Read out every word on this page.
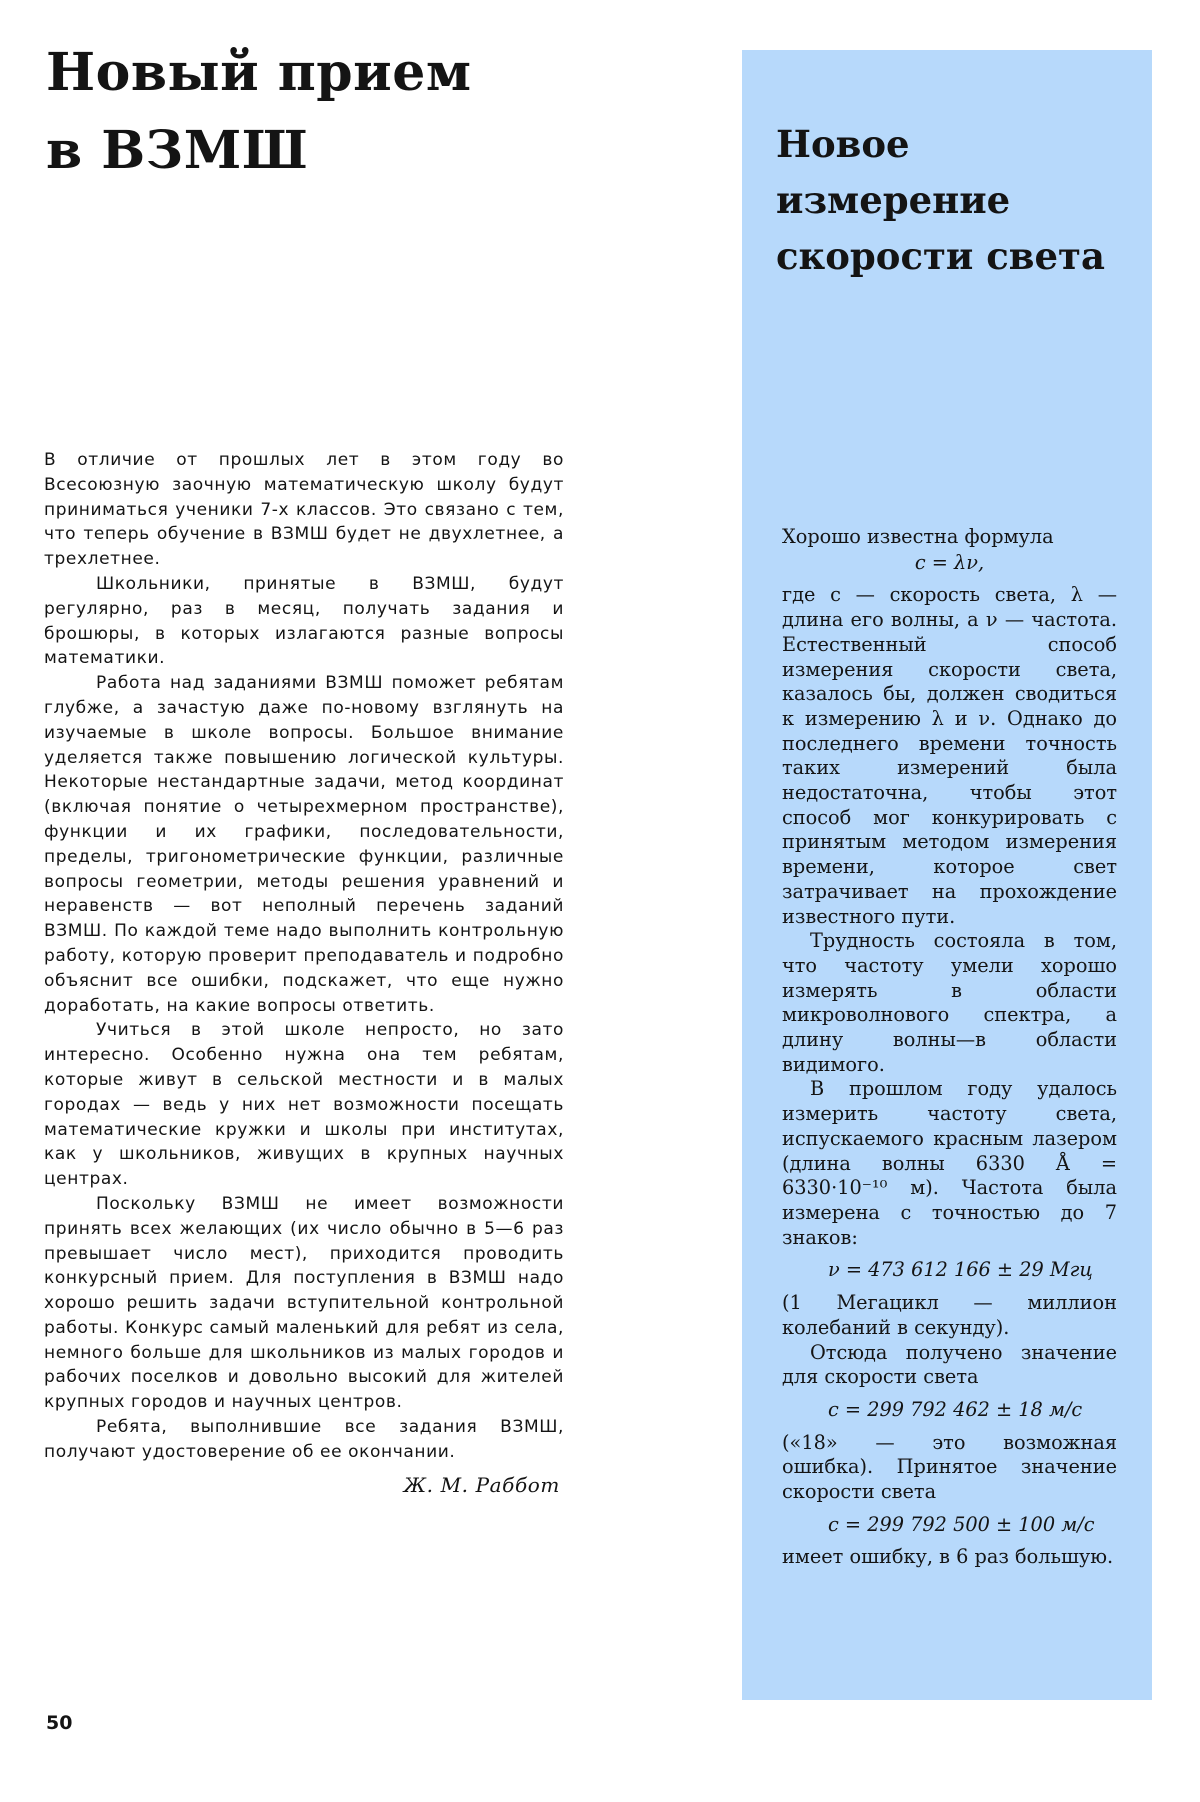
Новый прием
в ВЗМШ

В отличие от прошлых лет в этом году во Всесоюзную заочную математическую школу будут приниматься ученики 7-х классов. Это связано с тем, что теперь обучение в ВЗМШ будет не двухлетнее, а трехлетнее.

Школьники, принятые в ВЗМШ, будут регулярно, раз в месяц, получать задания и брошюры, в которых излагаются разные вопросы математики.

Работа над заданиями ВЗМШ поможет ребятам глубже, а зачастую даже по-новому взглянуть на изучаемые в школе вопросы. Большое внимание уделяется также повышению логической культуры. Некоторые нестандартные задачи, метод координат (включая понятие о четырехмерном пространстве), функции и их графики, последовательности, пределы, тригонометрические функции, различные вопросы геометрии, методы решения уравнений и неравенств — вот неполный перечень заданий ВЗМШ. По каждой теме надо выполнить контрольную работу, которую проверит преподаватель и подробно объяснит все ошибки, подскажет, что еще нужно доработать, на какие вопросы ответить.

Учиться в этой школе непросто, но зато интересно. Особенно нужна она тем ребятам, которые живут в сельской местности и в малых городах — ведь у них нет возможности посещать математические кружки и школы при институтах, как у школьников, живущих в крупных научных центрах.

Поскольку ВЗМШ не имеет возможности принять всех желающих (их число обычно в 5—6 раз превышает число мест), приходится проводить конкурсный прием. Для поступления в ВЗМШ надо хорошо решить задачи вступительной контрольной работы. Конкурс самый маленький для ребят из села, немного больше для школьников из малых городов и рабочих поселков и довольно высокий для жителей крупных городов и научных центров.

Ребята, выполнившие все задания ВЗМШ, получают удостоверение об ее окончании.

Ж. М. Раббот
Новое
измерение
скорости света

Хорошо известна формула

c = λν,

где c — скорость света, λ — длина его волны, а ν — частота. Естественный способ измерения скорости света, казалось бы, должен сводиться к измерению λ и ν. Однако до последнего времени точность таких измерений была недостаточна, чтобы этот способ мог конкурировать с принятым методом измерения времени, которое свет затрачивает на прохождение известного пути.

Трудность состояла в том, что частоту умели хорошо измерять в области микроволнового спектра, а длину волны—в области видимого.

В прошлом году удалось измерить частоту света, испускаемого красным лазером (длина волны 6330 Å = 6330·10⁻¹⁰ м). Частота была измерена с точностью до 7 знаков:

ν = 473 612 166 ± 29 Мгц

(1 Мегацикл — миллион колебаний в секунду).

Отсюда получено значение для скорости света

c = 299 792 462 ± 18 м/с

(«18» — это возможная ошибка). Принятое значение скорости света

c = 299 792 500 ± 100 м/с

имеет ошибку, в 6 раз большую.

50
